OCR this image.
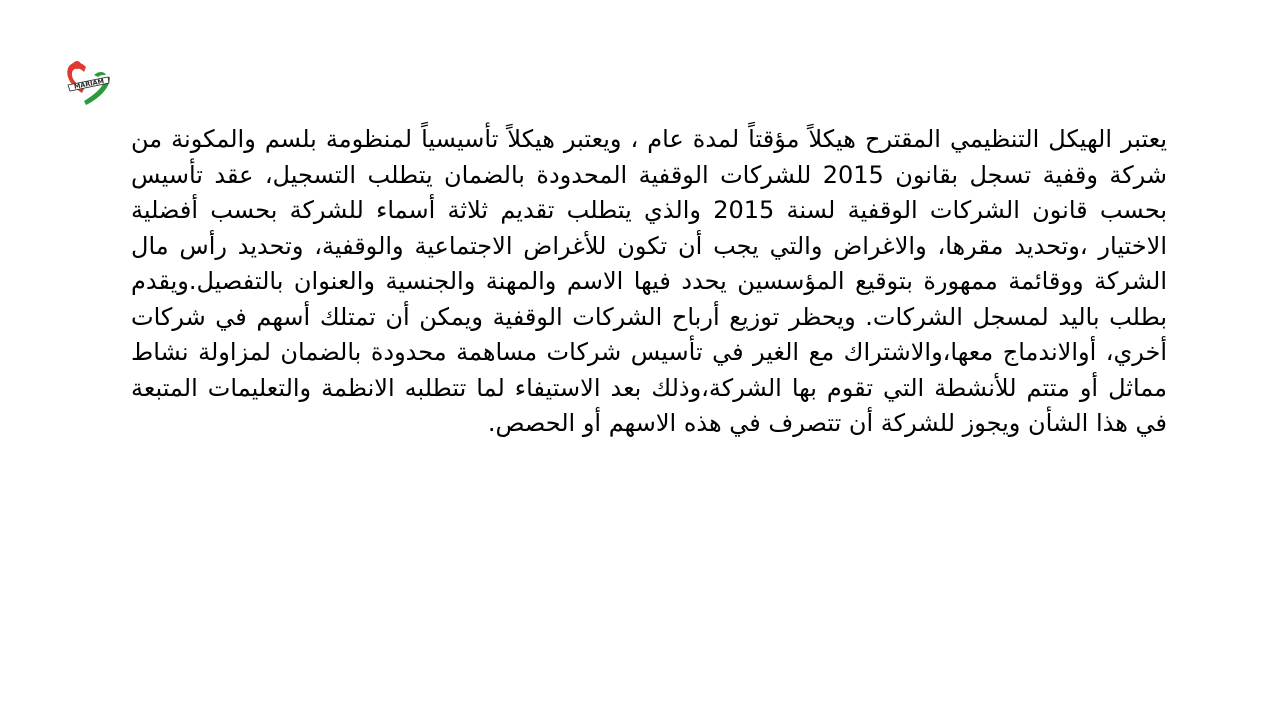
MARIAM

يعتبر الهيكل التنظيمي المقترح هيكلاً مؤقتاً لمدة عام ، ويعتبر هيكلاً تأسيسياً لمنظومة بلسم والمكونة من شركة وقفية تسجل بقانون 2015 للشركات الوقفية المحدودة بالضمان يتطلب التسجيل، عقد تأسيس بحسب قانون الشركات الوقفية لسنة 2015 والذي يتطلب تقديم ثلاثة أسماء للشركة بحسب أفضلية الاختيار ،وتحديد مقرها، والاغراض والتي يجب أن تكون للأغراض الاجتماعية والوقفية، وتحديد رأس مال الشركة ووقائمة ممهورة بتوقيع المؤسسين يحدد فيها الاسم والمهنة والجنسية والعنوان بالتفصيل.ويقدم بطلب باليد لمسجل الشركات. ويحظر توزيع أرباح الشركات الوقفية ويمكن أن تمتلك أسهم في شركات أخري، أوالاندماج معها،والاشتراك مع الغير في تأسيس شركات مساهمة محدودة بالضمان لمزاولة نشاط مماثل أو متتم للأنشطة التي تقوم بها الشركة،وذلك بعد الاستيفاء لما تتطلبه الانظمة والتعليمات المتبعة في هذا الشأن ويجوز للشركة أن تتصرف في هذه الاسهم أو الحصص.
